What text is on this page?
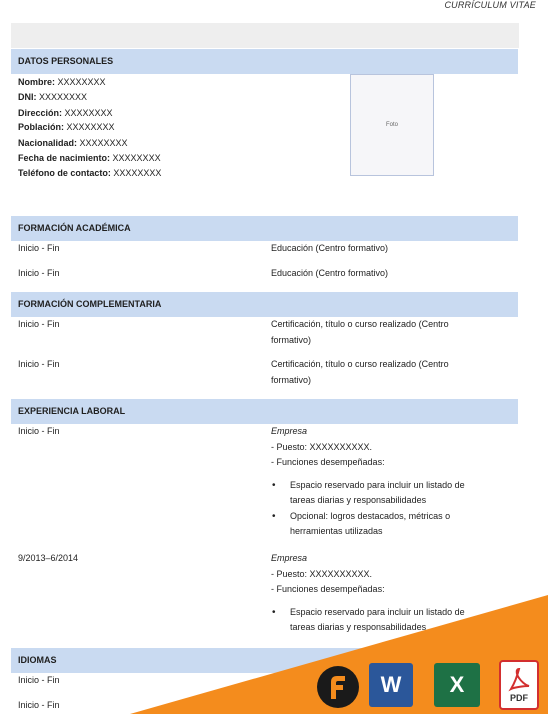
CURRÍCULUM VITAE
DATOS PERSONALES
Nombre: XXXXXXXX
DNI: XXXXXXXX
Dirección: XXXXXXXX
Población: XXXXXXXX
Nacionalidad: XXXXXXXX
Fecha de nacimiento: XXXXXXXX
Teléfono de contacto: XXXXXXXX
Foto
FORMACIÓN ACADÉMICA
Inicio - Fin	Educación (Centro formativo)
Inicio - Fin	Educación (Centro formativo)
FORMACIÓN COMPLEMENTARIA
Inicio - Fin	Certificación, título o curso realizado (Centro
formativo)
Inicio - Fin	Certificación, título o curso realizado (Centro
formativo)
EXPERIENCIA LABORAL
Inicio - Fin	Empresa
- Puesto: XXXXXXXXXX.
- Funciones desempeñadas:
• Espacio reservado para incluir un listado de
tareas diarias y responsabilidades
• Opcional: logros destacados, métricas o
herramientas utilizadas
9/2013–6/2014	Empresa
- Puesto: XXXXXXXXXX.
- Funciones desempeñadas:
• Espacio reservado para incluir un listado de
tareas diarias y responsabilidades
IDIOMAS
Inicio - Fin
Inicio - Fin
W X
PDF
